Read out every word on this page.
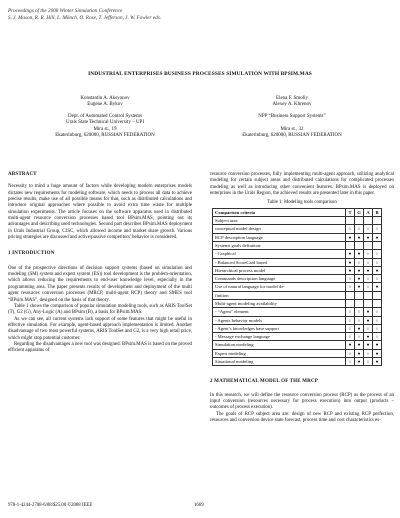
Proceedings of the 2008 Winter Simulation Conference
S. J. Mason, R. R. Hill, L. Mönch, O. Rose, T. Jefferson, J. W. Fowler eds.
INDUSTRIAL ENTERPRISES BUSINESS PROCESSES SIMULATION WITH BPSIM.MAS
Konstantin A. Aksyonov
Eugene A. Bykov
Dept. of Automated Control Systems
Urals State Technical University – UPI
Mira st., 19
Ekaterinburg, 620000, RUSSIAN FEDERATION
Elena F. Smoliy
Alexey A. Khrenov
NPP “Business Support Systems”
Mira st., 32
Ekaterinburg, 620000, RUSSIAN FEDERATION
ABSTRACT

Necessity to mind a huge amount of factors while developing modern enterprises models dictates new requirements for modeling software, which needs to process all data to achieve precise results, make use of all possible means for that, such as distributed calculations and introduce original approaches where possible to avoid extra time waste for multiple simulation experiments. The article focuses on the software apparatus used in distributed multi-agent resource conversion processes based tool BPsim.MAS, pointing out its advantages and describing used technologies. Second part describes BPsim.MAS deployment in Urals Industrial Group, CJSC, which allowed income and market share growth. Various pricing strategies are discussed and active/passive competitors' behavior is considered.

1 INTRODUCTION

One of the prospective directions of decision support systems (based on simulation and modeling (SM) system and expert system (ES)) tool development is the problem-orientation, which allows reducing the requirements to end-user knowledge level, especially in the programming area. The paper presents results of development and deployment of the multi agent resources conversion processes (MRCP, multi-agent RCP) theory and SMES tool “BPsim.MAS”, designed on the basis of that theory.

Table 1 shows the comparison of popular simulation modeling tools, such as ARIS ToolSet (T), G2 (G), Any-Logic (A) and BPsim (B), a basis for BPsim.MAS.

As we can see, all current systems lack support of some features that might be useful in effective simulation. For example, agent-based approach implementation is limited. Another disadvantage of two most powerful systems, ARIS ToolSet and G2, is a very high retail price, which might stop potential customer.

Regarding the disadvantages a new tool was designed. BPsim.MAS is based on the proved efficient apparatus of

resource conversion processes, fully implementing multi-agent approach, utilizing analytical modeling for certain subject areas and distributed calculations for complicated processes modeling as well as introducing other convenient features. BPsim.MAS is deployed on enterprises in the Urals Region, the achieved results are presented later in this paper.

Table 1: Modeling tools comparison
Comparison criteria	T	G	A	B
Subject area				
conceptual model design	○	○	○	○
RCP description language	●	●	●	●
Systems goals definition:				
- Graphical	●	●	○	○
- Balanced ScoreCard based	●	○	○	○
Hierarchical process model	●	●	●	●
Commands description language	○	●	○	○
Use of natural language for model de-	○	●	○	●
finition				
Multi-agent modeling availability				
- “Agent” element	○	○	●	○
- Agents behavior models	○	○	●	○
- Agent’s knowledges base support	○	●	○	○
- Message exchange language	○	○	●	○
Simulation modeling	●	●	●	●
Expert modeling	○	●	○	●
Situational modeling	○	●	○	●
2 MATHEMATICAL MODEL OF THE MRCP

In this research, we will define the resource conversion process (RCP) as the process of an input conversion (resources necessary for process execution) into output (products – outcomes of process execution).

The goals of RCP subject area are: design of new RCP and existing RCP perfection, resources and conversion device state forecast, process time and cost characteristics es-

978-1-4244-2708-6/08/$25.00 ©2008 IEEE	1669
